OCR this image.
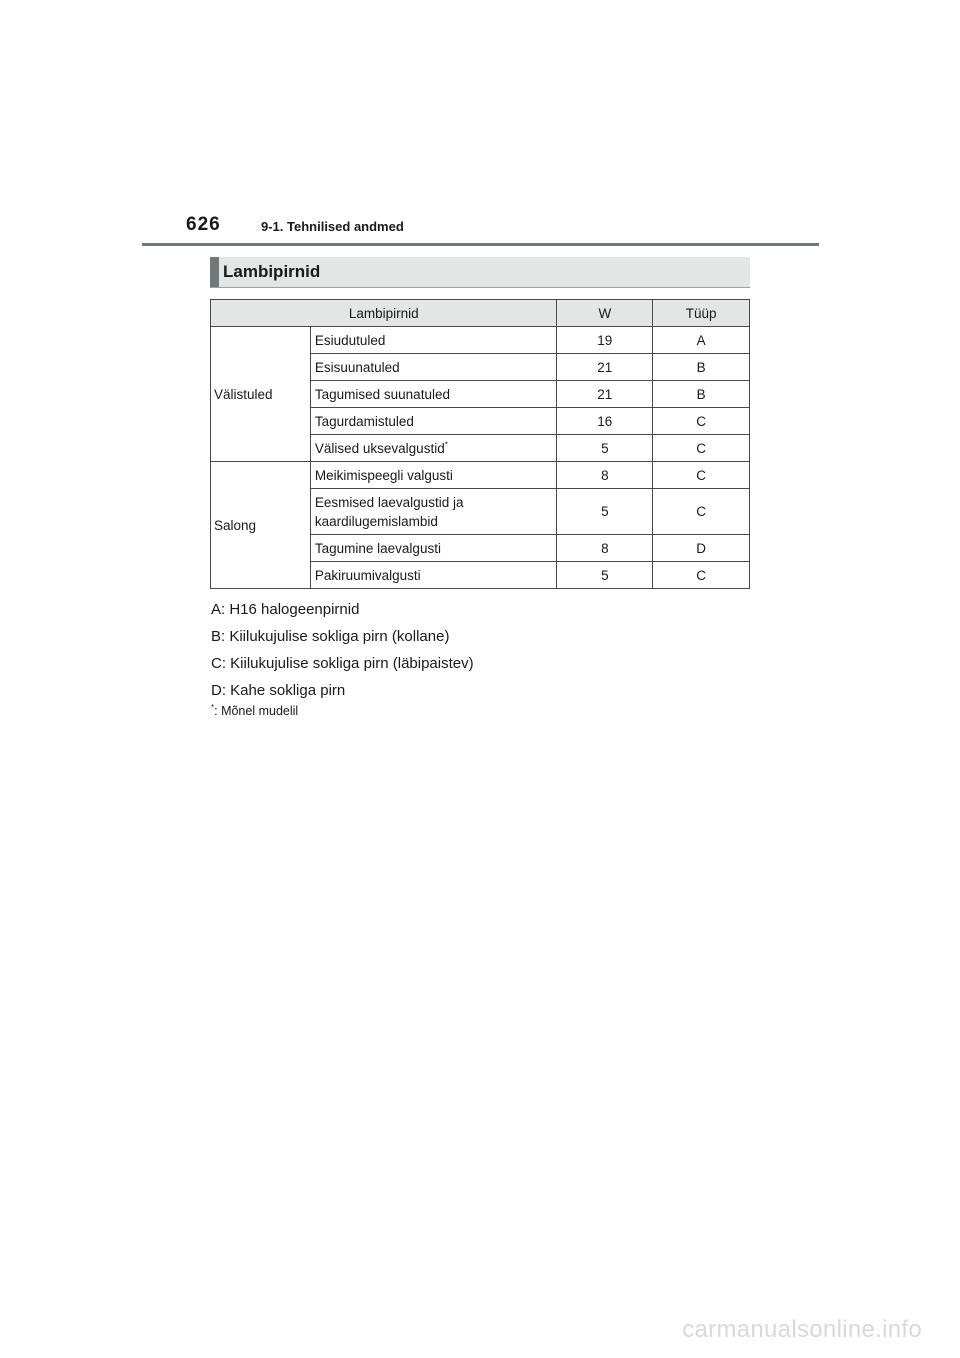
626	9-1. Tehnilised andmed
Lambipirnid
Lambipirnid		W	Tüüp
Välistuled	Esiudutuled	19	A
	Esisuunatuled	21	B
	Tagumised suunatuled	21	B
	Tagurdamistuled	16	C
	Välised uksevalgustid*	5	C
Salong	Meikimispeegli valgusti	8	C
	Eesmised laevalgustid ja
kaardilugemislambid	5	C
	Tagumine laevalgusti	8	D
	Pakiruumivalgusti	5	C
A: H16 halogeenpirnid
B: Kiilukujulise sokliga pirn (kollane)
C: Kiilukujulise sokliga pirn (läbipaistev)
D: Kahe sokliga pirn
*: Mõnel mudelil
carmanualsonline.info
